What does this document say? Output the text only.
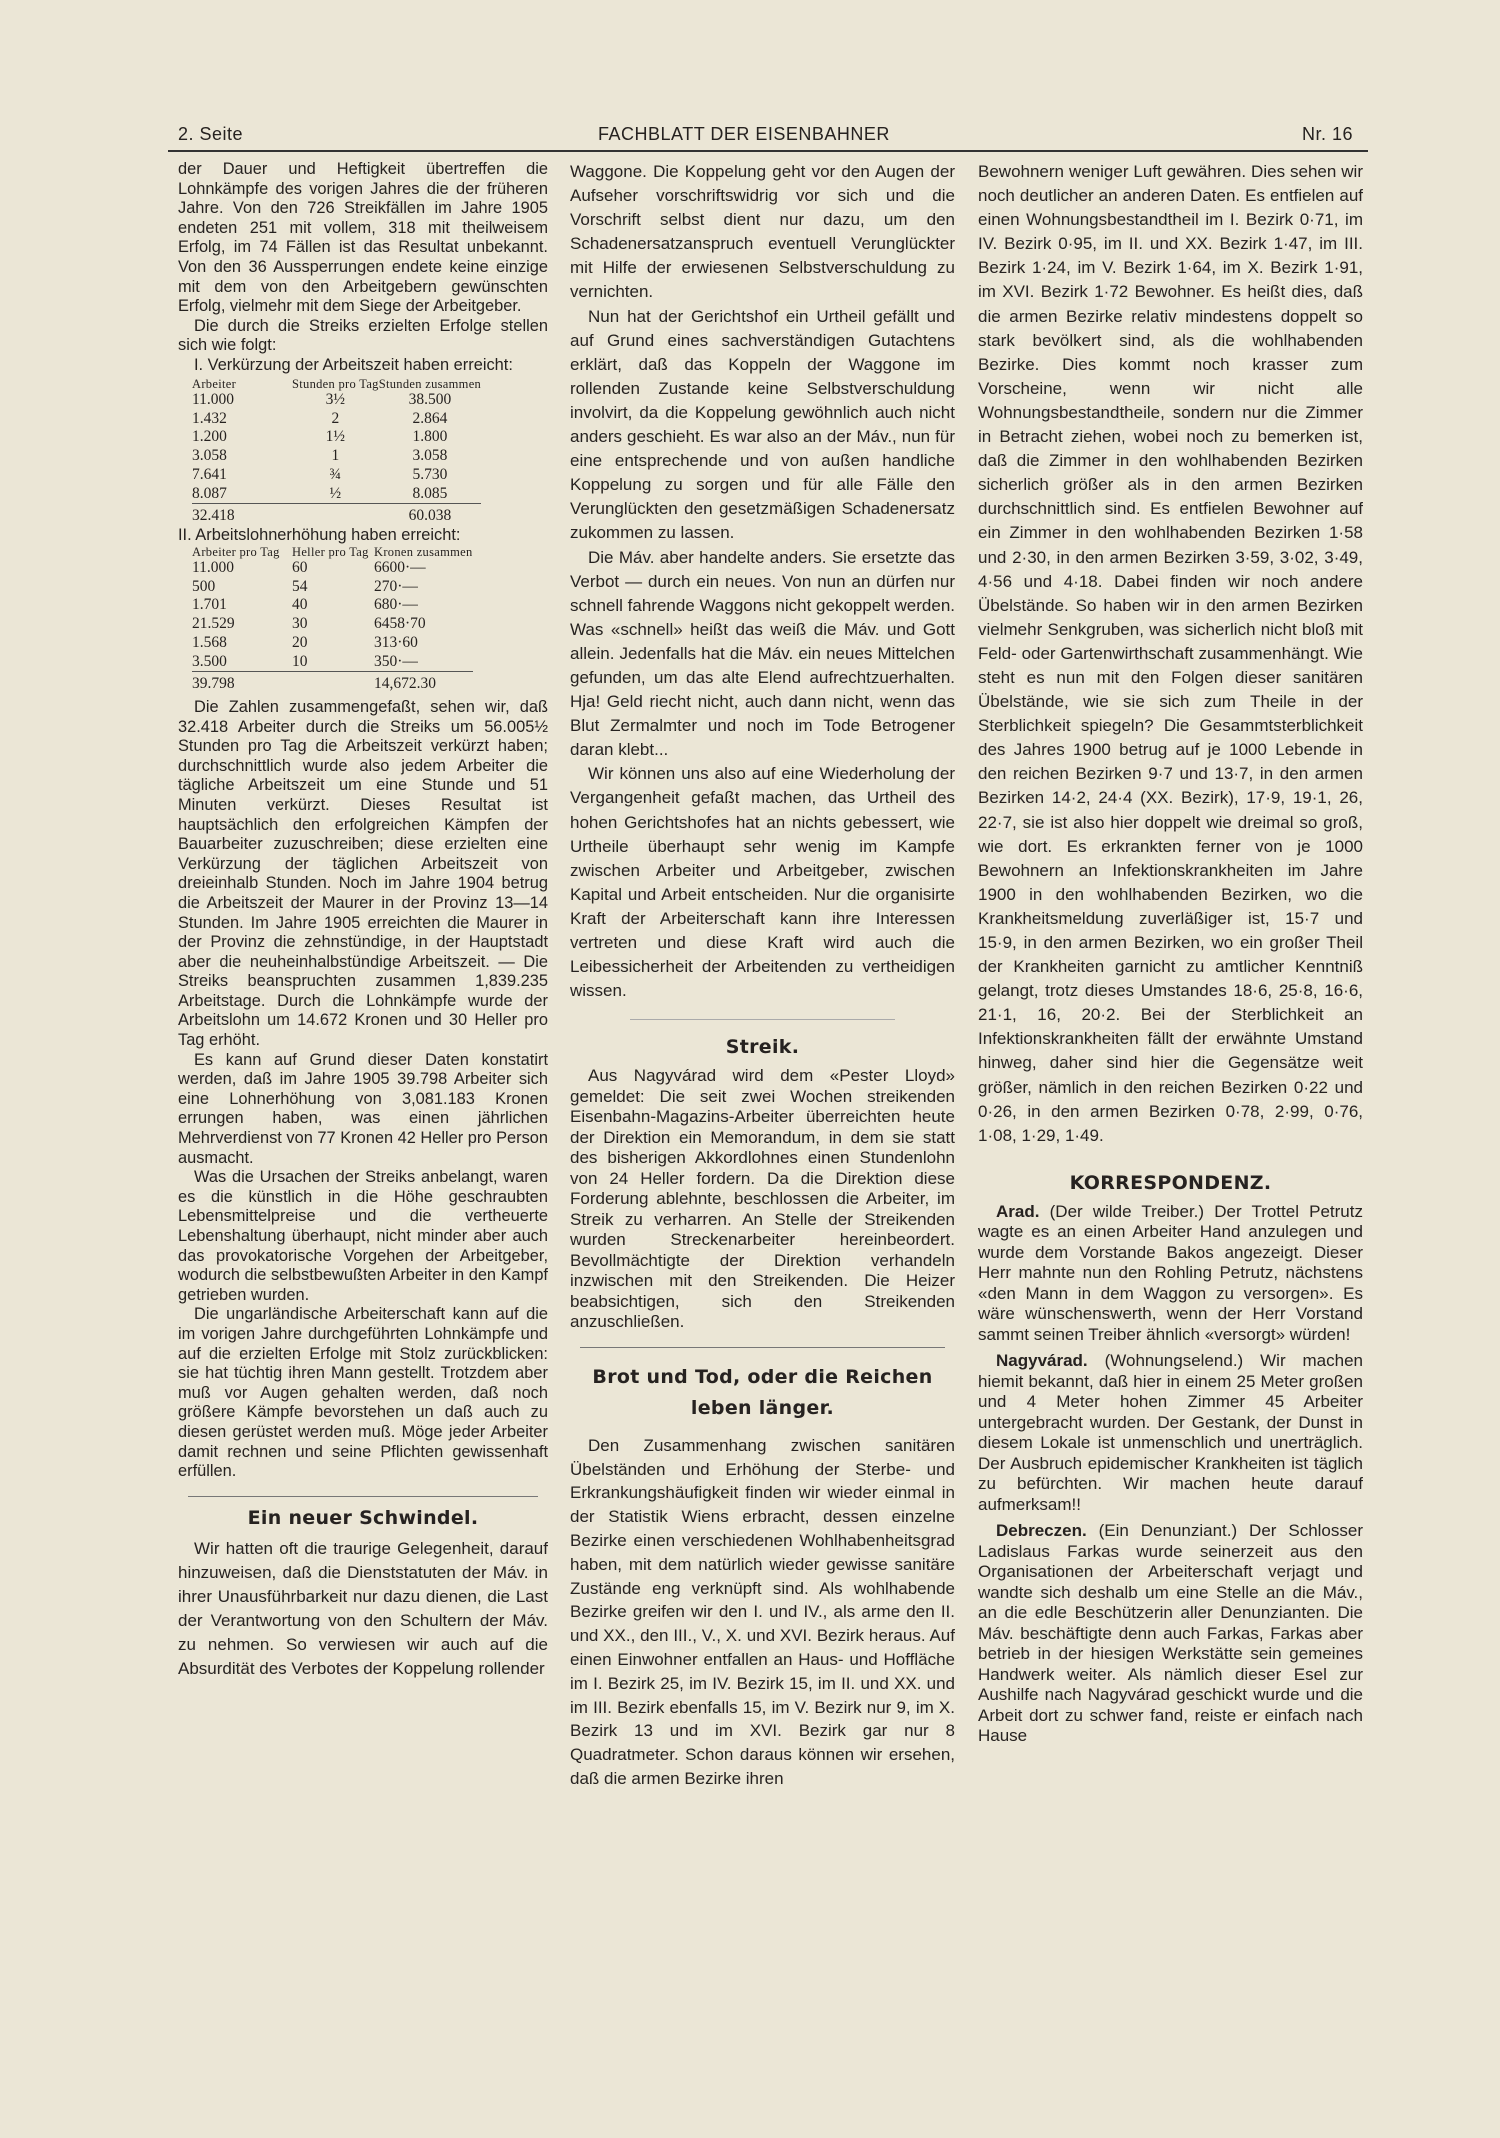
2. Seite	FACHBLATT DER EISENBAHNER	Nr. 16

der Dauer und Heftigkeit übertreffen die Lohnkämpfe des vorigen Jahres die der früheren Jahre. Von den 726 Streikfällen im Jahre 1905 endeten 251 mit vollem, 318 mit theilweisem Erfolg, im 74 Fällen ist das Resultat unbekannt. Von den 36 Aussperrungen endete keine einzige mit dem von den Arbeitgebern gewünschten Erfolg, vielmehr mit dem Siege der Arbeitgeber.

Die durch die Streiks erzielten Erfolge stellen sich wie folgt:

I. Verkürzung der Arbeitszeit haben erreicht:

Arbeiter	Stunden pro Tag	Stunden zusammen
11.000	3½	38.500
1.432	2	2.864
1.200	1½	1.800
3.058	1	3.058
7.641	¾	5.730
8.087	½	8.085
32.418		60.038

II. Arbeitslohnerhöhung haben erreicht:

Arbeiter pro Tag	Heller pro Tag	Kronen zusammen
11.000	60	6600·—
500	54	270·—
1.701	40	680·—
21.529	30	6458·70
1.568	20	313·60
3.500	10	350·—
39.798		14,672.30

Die Zahlen zusammengefaßt, sehen wir, daß 32.418 Arbeiter durch die Streiks um 56.005½ Stunden pro Tag die Arbeitszeit verkürzt haben; durchschnittlich wurde also jedem Arbeiter die tägliche Arbeitszeit um eine Stunde und 51 Minuten verkürzt. Dieses Resultat ist hauptsächlich den erfolgreichen Kämpfen der Bauarbeiter zuzuschreiben; diese erzielten eine Verkürzung der täglichen Arbeitszeit von dreieinhalb Stunden. Noch im Jahre 1904 betrug die Arbeitszeit der Maurer in der Provinz 13—14 Stunden. Im Jahre 1905 erreichten die Maurer in der Provinz die zehnstündige, in der Hauptstadt aber die neuheinhalbstündige Arbeitszeit. — Die Streiks beanspruchten zusammen 1,839.235 Arbeitstage. Durch die Lohnkämpfe wurde der Arbeitslohn um 14.672 Kronen und 30 Heller pro Tag erhöht.

Es kann auf Grund dieser Daten konstatirt werden, daß im Jahre 1905 39.798 Arbeiter sich eine Lohnerhöhung von 3,081.183 Kronen errungen haben, was einen jährlichen Mehrverdienst von 77 Kronen 42 Heller pro Person ausmacht.

Was die Ursachen der Streiks anbelangt, waren es die künstlich in die Höhe geschraubten Lebensmittelpreise und die vertheuerte Lebenshaltung überhaupt, nicht minder aber auch das provokatorische Vorgehen der Arbeitgeber, wodurch die selbstbewußten Arbeiter in den Kampf getrieben wurden.

Die ungarländische Arbeiterschaft kann auf die im vorigen Jahre durchgeführten Lohnkämpfe und auf die erzielten Erfolge mit Stolz zurückblicken: sie hat tüchtig ihren Mann gestellt. Trotzdem aber muß vor Augen gehalten werden, daß noch größere Kämpfe bevorstehen un daß auch zu diesen gerüstet werden muß. Möge jeder Arbeiter damit rechnen und seine Pflichten gewissenhaft erfüllen.

Ein neuer Schwindel.

Wir hatten oft die traurige Gelegenheit, darauf hinzuweisen, daß die Dienststatuten der Máv. in ihrer Unausführbarkeit nur dazu dienen, die Last der Verantwortung von den Schultern der Máv. zu nehmen. So verwiesen wir auch auf die Absurdität des Verbotes der Koppelung rollender

Waggone. Die Koppelung geht vor den Augen der Aufseher vorschriftswidrig vor sich und die Vorschrift selbst dient nur dazu, um den Schadenersatzanspruch eventuell Verunglückter mit Hilfe der erwiesenen Selbstverschuldung zu vernichten.

Nun hat der Gerichtshof ein Urtheil gefällt und auf Grund eines sachverständigen Gutachtens erklärt, daß das Koppeln der Waggone im rollenden Zustande keine Selbstverschuldung involvirt, da die Koppelung gewöhnlich auch nicht anders geschieht. Es war also an der Máv., nun für eine entsprechende und von außen handliche Koppelung zu sorgen und für alle Fälle den Verunglückten den gesetzmäßigen Schadenersatz zukommen zu lassen.

Die Máv. aber handelte anders. Sie ersetzte das Verbot — durch ein neues. Von nun an dürfen nur schnell fahrende Waggons nicht gekoppelt werden. Was «schnell» heißt das weiß die Máv. und Gott allein. Jedenfalls hat die Máv. ein neues Mittelchen gefunden, um das alte Elend aufrechtzuerhalten. Hja! Geld riecht nicht, auch dann nicht, wenn das Blut Zermalmter und noch im Tode Betrogener daran klebt...

Wir können uns also auf eine Wiederholung der Vergangenheit gefaßt machen, das Urtheil des hohen Gerichtshofes hat an nichts gebessert, wie Urtheile überhaupt sehr wenig im Kampfe zwischen Arbeiter und Arbeitgeber, zwischen Kapital und Arbeit entscheiden. Nur die organisirte Kraft der Arbeiterschaft kann ihre Interessen vertreten und diese Kraft wird auch die Leibessicherheit der Arbeitenden zu vertheidigen wissen.

Streik.

Aus Nagyvárad wird dem «Pester Lloyd» gemeldet: Die seit zwei Wochen streikenden Eisenbahn-Magazins-Arbeiter überreichten heute der Direktion ein Memorandum, in dem sie statt des bisherigen Akkordlohnes einen Stundenlohn von 24 Heller fordern. Da die Direktion diese Forderung ablehnte, beschlossen die Arbeiter, im Streik zu verharren. An Stelle der Streikenden wurden Streckenarbeiter hereinbeordert. Bevollmächtigte der Direktion verhandeln inzwischen mit den Streikenden. Die Heizer beabsichtigen, sich den Streikenden anzuschließen.

Brot und Tod, oder die Reichen leben länger.

Den Zusammenhang zwischen sanitären Übelständen und Erhöhung der Sterbe- und Erkrankungshäufigkeit finden wir wieder einmal in der Statistik Wiens erbracht, dessen einzelne Bezirke einen verschiedenen Wohlhabenheitsgrad haben, mit dem natürlich wieder gewisse sanitäre Zustände eng verknüpft sind. Als wohlhabende Bezirke greifen wir den I. und IV., als arme den II. und XX., den III., V., X. und XVI. Bezirk heraus. Auf einen Einwohner entfallen an Haus- und Hoffläche im I. Bezirk 25, im IV. Bezirk 15, im II. und XX. und im III. Bezirk ebenfalls 15, im V. Bezirk nur 9, im X. Bezirk 13 und im XVI. Bezirk gar nur 8 Quadratmeter. Schon daraus können wir ersehen, daß die armen Bezirke ihren

Bewohnern weniger Luft gewähren. Dies sehen wir noch deutlicher an anderen Daten. Es entfielen auf einen Wohnungsbestandtheil im I. Bezirk 0·71, im IV. Bezirk 0·95, im II. und XX. Bezirk 1·47, im III. Bezirk 1·24, im V. Bezirk 1·64, im X. Bezirk 1·91, im XVI. Bezirk 1·72 Bewohner. Es heißt dies, daß die armen Bezirke relativ mindestens doppelt so stark bevölkert sind, als die wohlhabenden Bezirke. Dies kommt noch krasser zum Vorscheine, wenn wir nicht alle Wohnungsbestandtheile, sondern nur die Zimmer in Betracht ziehen, wobei noch zu bemerken ist, daß die Zimmer in den wohlhabenden Bezirken sicherlich größer als in den armen Bezirken durchschnittlich sind. Es entfielen Bewohner auf ein Zimmer in den wohlhabenden Bezirken 1·58 und 2·30, in den armen Bezirken 3·59, 3·02, 3·49, 4·56 und 4·18. Dabei finden wir noch andere Übelstände. So haben wir in den armen Bezirken vielmehr Senkgruben, was sicherlich nicht bloß mit Feld- oder Gartenwirthschaft zusammenhängt. Wie steht es nun mit den Folgen dieser sanitären Übelstände, wie sie sich zum Theile in der Sterblichkeit spiegeln? Die Gesammtsterblichkeit des Jahres 1900 betrug auf je 1000 Lebende in den reichen Bezirken 9·7 und 13·7, in den armen Bezirken 14·2, 24·4 (XX. Bezirk), 17·9, 19·1, 26, 22·7, sie ist also hier doppelt wie dreimal so groß, wie dort. Es erkrankten ferner von je 1000 Bewohnern an Infektionskrankheiten im Jahre 1900 in den wohlhabenden Bezirken, wo die Krankheitsmeldung zuverläßiger ist, 15·7 und 15·9, in den armen Bezirken, wo ein großer Theil der Krankheiten garnicht zu amtlicher Kenntniß gelangt, trotz dieses Umstandes 18·6, 25·8, 16·6, 21·1, 16, 20·2. Bei der Sterblichkeit an Infektionskrankheiten fällt der erwähnte Umstand hinweg, daher sind hier die Gegensätze weit größer, nämlich in den reichen Bezirken 0·22 und 0·26, in den armen Bezirken 0·78, 2·99, 0·76, 1·08, 1·29, 1·49.

KORRESPONDENZ.

Arad. (Der wilde Treiber.) Der Trottel Petrutz wagte es an einen Arbeiter Hand anzulegen und wurde dem Vorstande Bakos angezeigt. Dieser Herr mahnte nun den Rohling Petrutz, nächstens «den Mann in dem Waggon zu versorgen». Es wäre wünschenswerth, wenn der Herr Vorstand sammt seinen Treiber ähnlich «versorgt» würden!

Nagyvárad. (Wohnungselend.) Wir machen hiemit bekannt, daß hier in einem 25 Meter großen und 4 Meter hohen Zimmer 45 Arbeiter untergebracht wurden. Der Gestank, der Dunst in diesem Lokale ist unmenschlich und unerträglich. Der Ausbruch epidemischer Krankheiten ist täglich zu befürchten. Wir machen heute darauf aufmerksam!!

Debreczen. (Ein Denunziant.) Der Schlosser Ladislaus Farkas wurde seinerzeit aus den Organisationen der Arbeiterschaft verjagt und wandte sich deshalb um eine Stelle an die Máv., an die edle Beschützerin aller Denunzianten. Die Máv. beschäftigte denn auch Farkas, Farkas aber betrieb in der hiesigen Werkstätte sein gemeines Handwerk weiter. Als nämlich dieser Esel zur Aushilfe nach Nagyvárad geschickt wurde und die Arbeit dort zu schwer fand, reiste er einfach nach Hause
